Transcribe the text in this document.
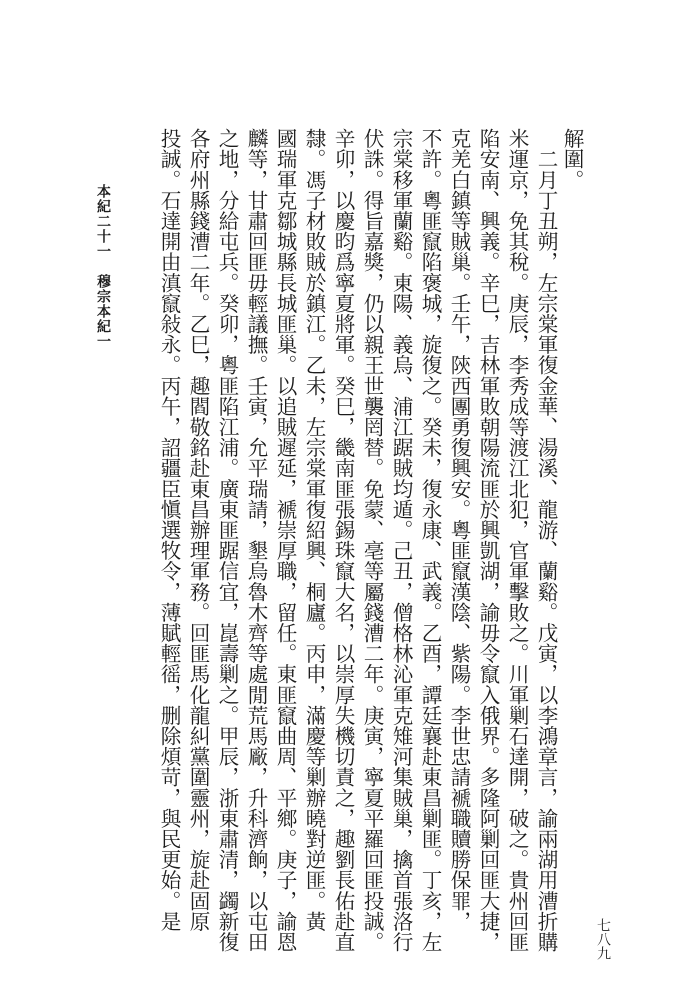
七八九
解圍。
　二月丁丑朔，左宗棠軍復金華、湯溪、龍游、蘭谿。戊寅，以李鴻章言，諭兩湖用漕折購
米運京，免其稅。庚辰，李秀成等渡江北犯，官軍擊敗之。川軍剿石達開，破之。貴州回匪
陷安南、興義。辛巳，吉林軍敗朝陽流匪於興凱湖，諭毋令竄入俄界。多隆阿剿回匪大捷，
克羌白鎮等賊巢。壬午，陝西團勇復興安。粵匪竄漢陰、紫陽。李世忠請褫職贖勝保罪，
不許。粵匪竄陷褒城，旋復之。癸未，復永康、武義。乙酉，譚廷襄赴東昌剿匪。丁亥，左
宗棠移軍蘭谿。東陽、義烏、浦江踞賊均遁。己丑，僧格林沁軍克雉河集賊巢，擒首張洛行
伏誅。得旨嘉獎，仍以親王世襲罔替。免蒙、亳等屬錢漕二年。庚寅，寧夏平羅回匪投誠。
辛卯，以慶昀爲寧夏將軍。癸巳，畿南匪張錫珠竄大名，以崇厚失機切責之，趣劉長佑赴直
隸。馮子材敗賊於鎮江。乙未，左宗棠軍復紹興、桐廬。丙申，滿慶等剿辦曉對逆匪。黃
國瑞軍克鄒城縣長城匪巢。以追賊遲延，褫崇厚職，留任。東匪竄曲周、平鄉。庚子，諭恩
麟等，甘肅回匪毋輕議撫。壬寅，允平瑞請，墾烏魯木齊等處閒荒馬廠，升科濟餉，以屯田
之地，分給屯兵。癸卯，粵匪陷江浦。廣東匪踞信宜，崑壽剿之。甲辰，浙東肅清，蠲新復
各府州縣錢漕二年。乙巳，趣閻敬銘赴東昌辦理軍務。回匪馬化龍糾黨圍靈州，旋赴固原
投誠。石達開由滇竄敍永。丙午，詔疆臣愼選牧令，薄賦輕徭，删除煩苛，與民更始。是
本紀二十一　穆宗本紀一
